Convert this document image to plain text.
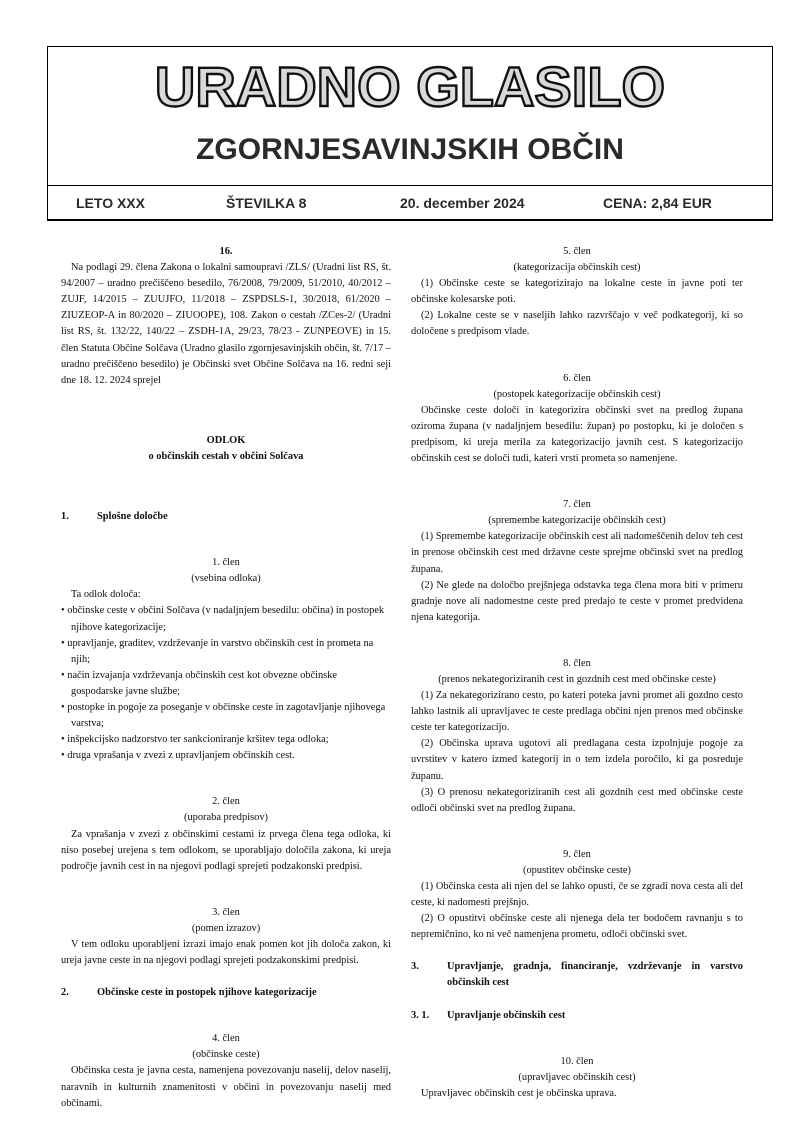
URADNO GLASILO
ZGORNJESAVINJSKIH OBČIN
LETO XXX	ŠTEVILKA 8	20. december 2024	CENA: 2,84 EUR

16.

Na podlagi 29. člena Zakona o lokalni samoupravi /ZLS/ (Uradni list RS, št. 94/2007 – uradno prečiščeno besedilo, 76/2008, 79/2009, 51/2010, 40/2012 – ZUJF, 14/2015 – ZUUJFO, 11/2018 – ZSPDSLS-1, 30/2018, 61/2020 – ZIUZEOP-A in 80/2020 – ZIUOOPE), 108. Zakon o cestah /ZCes-2/ (Uradni list RS, št. 132/22, 140/22 – ZSDH-1A, 29/23, 78/23 - ZUNPEOVE) in 15. člen Statuta Občine Solčava (Uradno glasilo zgornjesavinjskih občin, št. 7/17 – uradno prečiščeno besedilo) je Občinski svet Občine Solčava na 16. redni seji dne 18. 12. 2024 sprejel

ODLOK

o občinskih cestah v občini Solčava

1.	Splošne določbe

1. člen

(vsebina odloka)

Ta odlok določa:

• občinske ceste v občini Solčava (v nadaljnjem besedilu: občina) in postopek njihove kategorizacije;
• upravljanje, graditev, vzdrževanje in varstvo občinskih cest in prometa na njih;
• način izvajanja vzdrževanja občinskih cest kot obvezne občinske gospodarske javne službe;
• postopke in pogoje za poseganje v občinske ceste in zagotavljanje njihovega varstva;
• inšpekcijsko nadzorstvo ter sankcioniranje kršitev tega odloka;
• druga vprašanja v zvezi z upravljanjem občinskih cest.

2. člen

(uporaba predpisov)

Za vprašanja v zvezi z občinskimi cestami iz prvega člena tega odloka, ki niso posebej urejena s tem odlokom, se uporabljajo določila zakona, ki ureja področje javnih cest in na njegovi podlagi sprejeti podzakonski predpisi.

3. člen

(pomen izrazov)

V tem odloku uporabljeni izrazi imajo enak pomen kot jih določa zakon, ki ureja javne ceste in na njegovi podlagi sprejeti podzakonskimi predpisi.

2.	Občinske ceste in postopek njihove kategorizacije

4. člen

(občinske ceste)

Občinska cesta je javna cesta, namenjena povezovanju naselij, delov naselij, naravnih in kulturnih znamenitosti v občini in povezovanju naselij med občinami.

5. člen

(kategorizacija občinskih cest)

(1) Občinske ceste se kategorizirajo na lokalne ceste in javne poti ter občinske kolesarske poti.

(2) Lokalne ceste se v naseljih lahko razvrščajo v več podkategorij, ki so določene s predpisom vlade.

6. člen

(postopek kategorizacije občinskih cest)

Občinske ceste določi in kategorizira občinski svet na predlog župana oziroma župana (v nadaljnjem besedilu: župan) po postopku, ki je določen s predpisom, ki ureja merila za kategorizacijo javnih cest. S kategorizacijo občinskih cest se določi tudi, kateri vrsti prometa so namenjene.

7. člen

(spremembe kategorizacije občinskih cest)

(1) Spremembe kategorizacije občinskih cest ali nadomeščenih delov teh cest in prenose občinskih cest med državne ceste sprejme občinski svet na predlog župana.

(2) Ne glede na določbo prejšnjega odstavka tega člena mora biti v primeru gradnje nove ali nadomestne ceste pred predajo te ceste v promet predvidena njena kategorija.

8. člen

(prenos nekategoriziranih cest in gozdnih cest med občinske ceste)

(1) Za nekategorizirano cesto, po kateri poteka javni promet ali gozdno cesto lahko lastnik ali upravljavec te ceste predlaga občini njen prenos med občinske ceste ter kategorizacijo.

(2) Občinska uprava ugotovi ali predlagana cesta izpolnjuje pogoje za uvrstitev v katero izmed kategorij in o tem izdela poročilo, ki ga posreduje županu.

(3) O prenosu nekategoriziranih cest ali gozdnih cest med občinske ceste odloči občinski svet na predlog župana.

9. člen

(opustitev občinske ceste)

(1) Občinska cesta ali njen del se lahko opusti, če se zgradi nova cesta ali del ceste, ki nadomesti prejšnjo.

(2) O opustitvi občinske ceste ali njenega dela ter bodočem ravnanju s to nepremičnino, ko ni več namenjena prometu, odloči občinski svet.

3.	Upravljanje, gradnja, financiranje, vzdrževanje in varstvo občinskih cest
3. 1.	Upravljanje občinskih cest

10. člen

(upravljavec občinskih cest)

Upravljavec občinskih cest je občinska uprava.
